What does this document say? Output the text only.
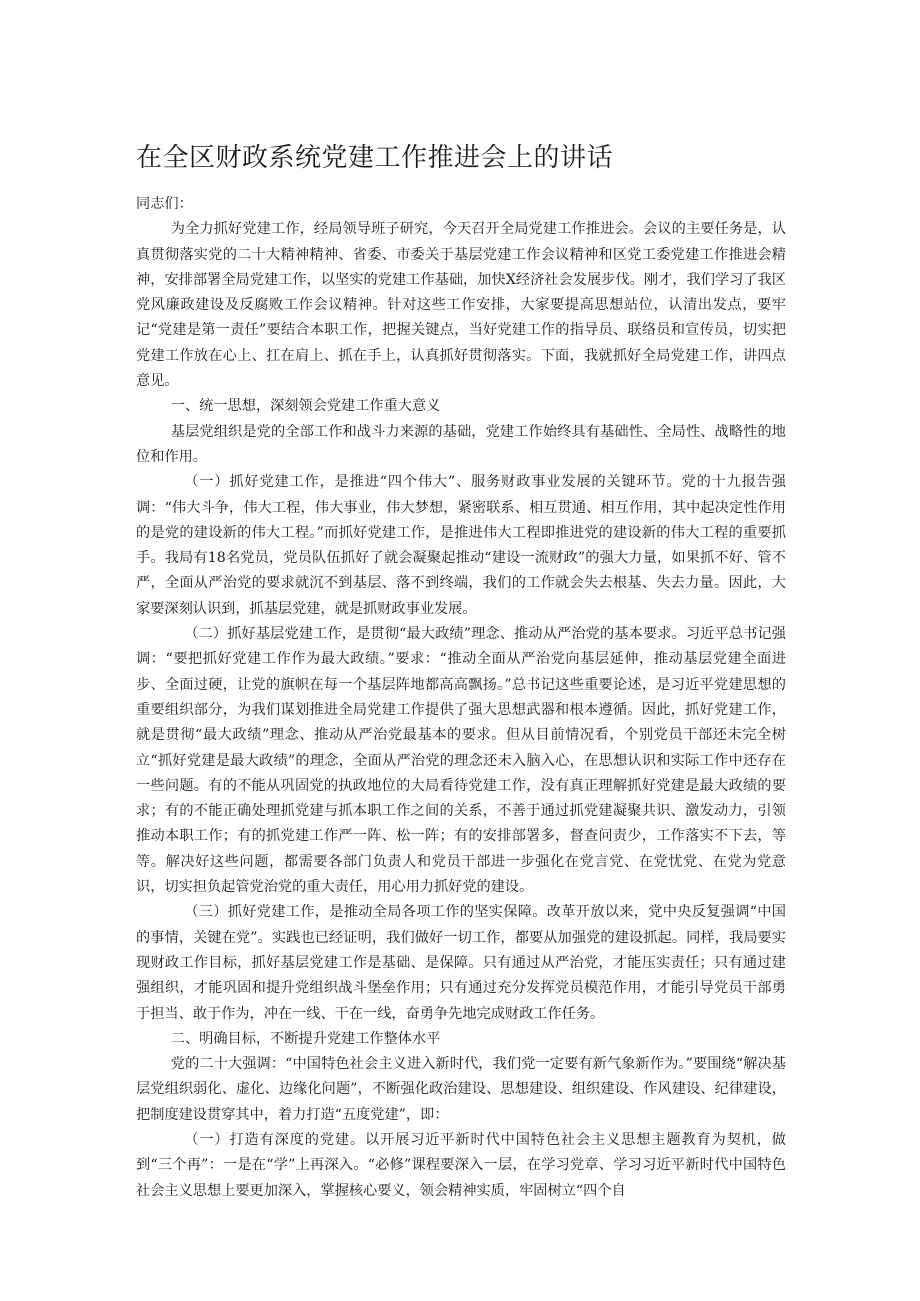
在全区财政系统党建工作推进会上的讲话

同志们：

为全力抓好党建工作，经局领导班子研究，今天召开全局党建工作推进会。会议的主要任务是，认真贯彻落实党的二十大精神精神、省委、市委关于基层党建工作会议精神和区党工委党建工作推进会精神，安排部署全局党建工作，以坚实的党建工作基础，加快X经济社会发展步伐。刚才，我们学习了我区党风廉政建设及反腐败工作会议精神。针对这些工作安排，大家要提高思想站位，认清出发点，要牢记“党建是第一责任”要结合本职工作，把握关键点，当好党建工作的指导员、联络员和宣传员，切实把党建工作放在心上、扛在肩上、抓在手上，认真抓好贯彻落实。下面，我就抓好全局党建工作，讲四点意见。

一、统一思想，深刻领会党建工作重大意义

基层党组织是党的全部工作和战斗力来源的基础，党建工作始终具有基础性、全局性、战略性的地位和作用。

（一）抓好党建工作，是推进“四个伟大”、服务财政事业发展的关键环节。党的十九报告强调：“伟大斗争，伟大工程，伟大事业，伟大梦想，紧密联系、相互贯通、相互作用，其中起决定性作用的是党的建设新的伟大工程。”而抓好党建工作，是推进伟大工程即推进党的建设新的伟大工程的重要抓手。我局有18名党员，党员队伍抓好了就会凝聚起推动“建设一流财政”的强大力量，如果抓不好、管不严，全面从严治党的要求就沉不到基层、落不到终端，我们的工作就会失去根基、失去力量。因此，大家要深刻认识到，抓基层党建，就是抓财政事业发展。

（二）抓好基层党建工作，是贯彻“最大政绩”理念、推动从严治党的基本要求。习近平总书记强调：“要把抓好党建工作作为最大政绩。”要求：“推动全面从严治党向基层延伸，推动基层党建全面进步、全面过硬，让党的旗帜在每一个基层阵地都高高飘扬。”总书记这些重要论述，是习近平党建思想的重要组织部分，为我们谋划推进全局党建工作提供了强大思想武器和根本遵循。因此，抓好党建工作，就是贯彻“最大政绩”理念、推动从严治党最基本的要求。但从目前情况看，个别党员干部还未完全树立“抓好党建是最大政绩”的理念，全面从严治党的理念还未入脑入心，在思想认识和实际工作中还存在一些问题。有的不能从巩固党的执政地位的大局看待党建工作，没有真正理解抓好党建是最大政绩的要求；有的不能正确处理抓党建与抓本职工作之间的关系，不善于通过抓党建凝聚共识、激发动力，引领推动本职工作；有的抓党建工作严一阵、松一阵；有的安排部署多，督查问责少，工作落实不下去，等等。解决好这些问题，都需要各部门负责人和党员干部进一步强化在党言党、在党忧党、在党为党意识，切实担负起管党治党的重大责任，用心用力抓好党的建设。

（三）抓好党建工作，是推动全局各项工作的坚实保障。改革开放以来，党中央反复强调“中国的事情，关键在党”。实践也已经证明，我们做好一切工作，都要从加强党的建设抓起。同样，我局要实现财政工作目标，抓好基层党建工作是基础、是保障。只有通过从严治党，才能压实责任；只有通过建强组织，才能巩固和提升党组织战斗堡垒作用；只有通过充分发挥党员模范作用，才能引导党员干部勇于担当、敢于作为，冲在一线、干在一线，奋勇争先地完成财政工作任务。

二、明确目标，不断提升党建工作整体水平

党的二十大强调：“中国特色社会主义进入新时代，我们党一定要有新气象新作为。”要围绕“解决基层党组织弱化、虚化、边缘化问题”，不断强化政治建设、思想建设、组织建设、作风建设、纪律建设，把制度建设贯穿其中，着力打造“五度党建”，即：

（一）打造有深度的党建。以开展习近平新时代中国特色社会主义思想主题教育为契机，做到“三个再”：一是在“学”上再深入。“必修”课程要深入一层，在学习党章、学习习近平新时代中国特色社会主义思想上要更加深入，掌握核心要义，领会精神实质，牢固树立“四个自
